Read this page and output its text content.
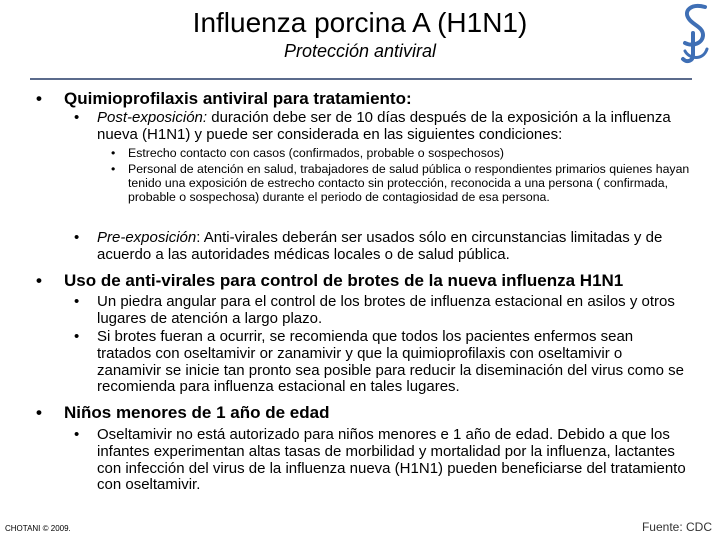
Influenza porcina A (H1N1)
Protección antiviral
• Quimioprofilaxis antiviral para tratamiento:
• Post-exposición: duración debe ser de 10 días después de la exposición a la influenza nueva (H1N1) y puede ser considerada en las siguientes condiciones:
• Estrecho contacto con casos (confirmados, probable o sospechosos)
• Personal de atención en salud, trabajadores de salud pública o respondientes primarios quienes hayan tenido una exposición de estrecho contacto sin protección, reconocida a una persona ( confirmada, probable o sospechosa) durante el periodo de contagiosidad de esa persona.
• Pre-exposición: Anti-virales deberán ser usados sólo en circunstancias limitadas y de acuerdo a las autoridades médicas locales o de salud pública.
• Uso de anti-virales para control de brotes de la nueva influenza H1N1
• Un piedra angular para el control de los brotes de influenza estacional en asilos y otros lugares de atención a largo plazo.
• Si brotes fueran a ocurrir, se recomienda que todos los pacientes enfermos sean tratados con oseltamivir or zanamivir y que la quimioprofilaxis con oseltamivir o zanamivir se inicie tan pronto sea posible para reducir la diseminación del virus como se recomienda para influenza estacional en tales lugares.
• Niños menores de 1 año de edad
• Oseltamivir no está autorizado para niños menores e 1 año de edad. Debido a que los infantes experimentan altas tasas de morbilidad y mortalidad por la influenza, lactantes con infección del virus de la influenza nueva (H1N1) pueden beneficiarse del tratamiento con oseltamivir.
CHOTANI © 2009.	Fuente: CDC
